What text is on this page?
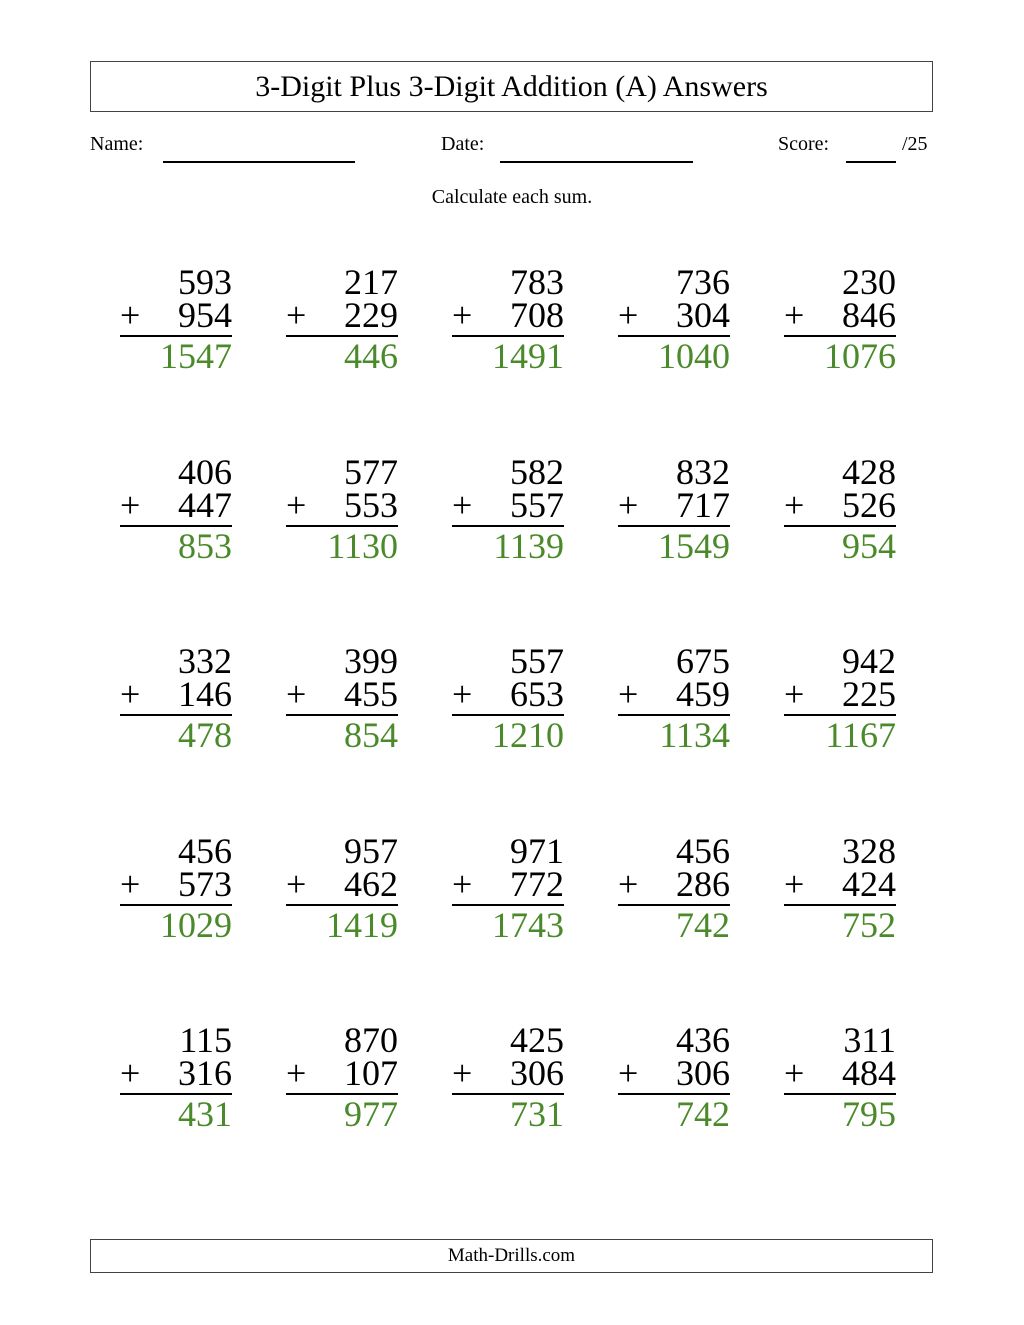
3-Digit Plus 3-Digit Addition (A) Answers
Name:	Date:	Score:	/25
Calculate each sum.
593
+ 954
1547
217
+ 229
446
783
+ 708
1491
736
+ 304
1040
230
+ 846
1076
406
+ 447
853
577
+ 553
1130
582
+ 557
1139
832
+ 717
1549
428
+ 526
954
332
+ 146
478
399
+ 455
854
557
+ 653
1210
675
+ 459
1134
942
+ 225
1167
456
+ 573
1029
957
+ 462
1419
971
+ 772
1743
456
+ 286
742
328
+ 424
752
115
+ 316
431
870
+ 107
977
425
+ 306
731
436
+ 306
742
311
+ 484
795
Math-Drills.com
